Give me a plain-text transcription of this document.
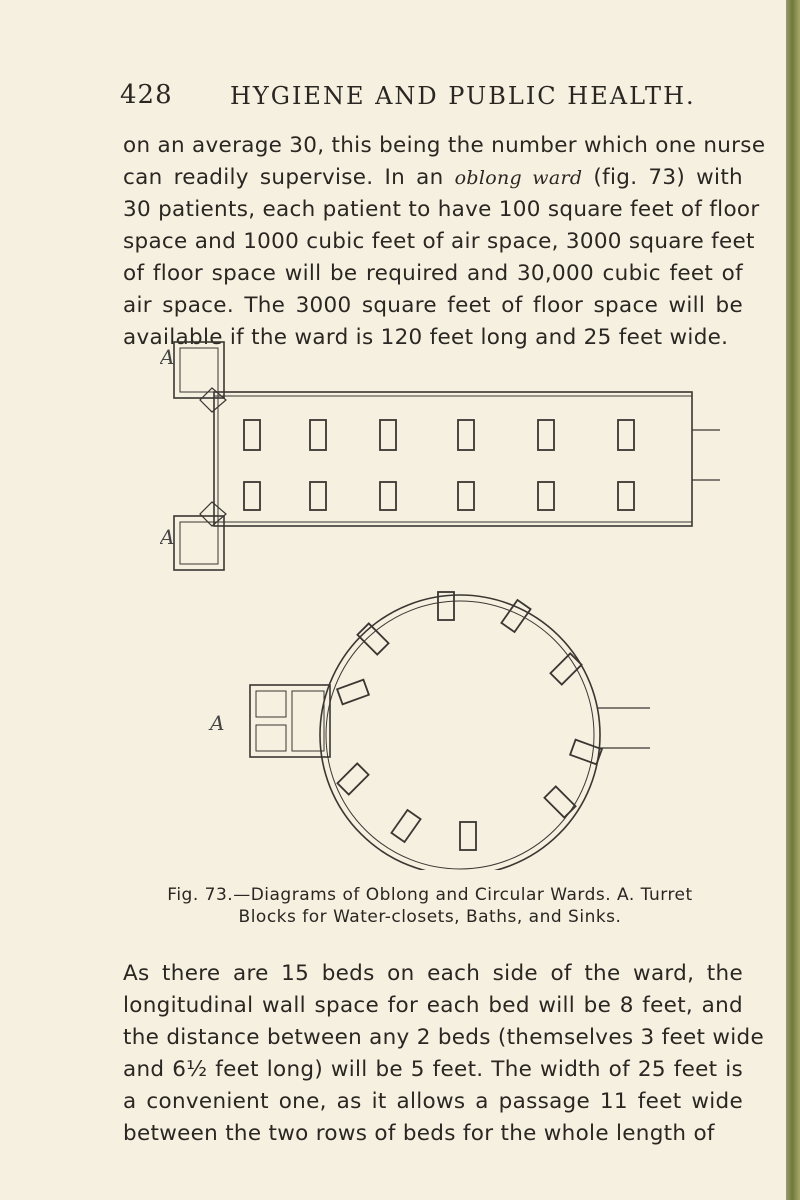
428 HYGIENE AND PUBLIC HEALTH.

on an average 30, this being the number which one nurse
can readily supervise. In an oblong ward (fig. 73) with
30 patients, each patient to have 100 square feet of floor
space and 1000 cubic feet of air space, 3000 square feet
of floor space will be required and 30,000 cubic feet of
air space. The 3000 square feet of floor space will be
available if the ward is 120 feet long and 25 feet wide.

A
A
A
Fig. 73.—Diagrams of Oblong and Circular Wards. A. Turret
Blocks for Water-closets, Baths, and Sinks.

As there are 15 beds on each side of the ward, the
longitudinal wall space for each bed will be 8 feet, and
the distance between any 2 beds (themselves 3 feet wide
and 6½ feet long) will be 5 feet. The width of 25 feet is
a convenient one, as it allows a passage 11 feet wide
between the two rows of beds for the whole length of
